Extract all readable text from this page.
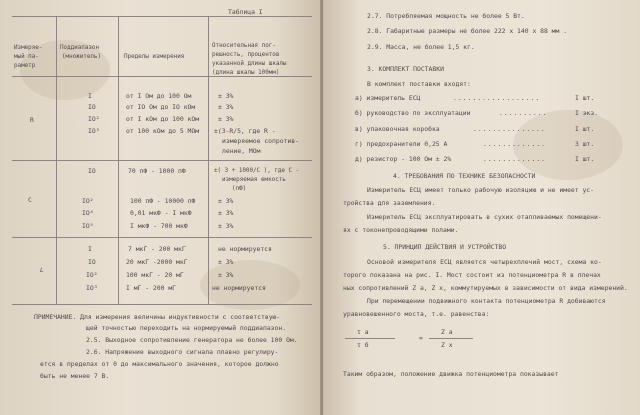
Таблица I
Измеряе-
мый па-
раметр
Поддиапазон
(множитель)	Пределы измерения
Относительная пог-
решность, процентов
указанной длины шкалы
(длина шкалы 100мм)
R
I	от I Ом до 100 Ом	± 3%
IO	от IO Ом до IO кОм	± 3%
IO²	от I кОм до 100 кОм	± 3%
IO³	от 100 кОм до 5 МОм ±(3-R/5, где R -
измеряемое сопротив-
ление, МОм
C
IO	70 пФ - 1000 пФ	±( 3 + 1000/С ), где С -
измеряемая емкость
(пФ)
IO²	100 пФ - 10000 пФ	± 3%
IO⁴	0,01 мкФ - I мкФ	± 3%
IO⁵	I мкФ - 700 мкФ	± 3%
L
I	7 мкГ - 200 мкГ	не нормируется
IO	20 мкГ -2000 мкГ	± 3%
IO²	100 мкГ - 20 мГ	± 3%
IO³	I мГ - 200 мГ	не нормируется
ПРИМЕЧАНИЕ. Для измерения величины индуктивности с соответствую-
щей точностью переходить на нормируемый поддиапазон.
2.5. Выходное сопротивление генератора не более 100 Ом.
2.6. Напряжение выходного сигнала плавно регулиру-
ется в пределах от 0 до максимального значения, которое должно
быть не менее 7 В.
2.7. Потребляемая мощность не более 5 Вт.
2.8. Габаритные размеры не более 222 х 140 х 88 мм .
2.9. Масса, не более 1,5 кг.
3. КОМПЛЕКТ ПОСТАВКИ
В комплект поставки входят:
а) измеритель ЕСЦ	..................	I шт.
б) руководство по эксплуатации	..........	I экз.
в) упаковочная коробка	...............	I шт.
г) предохранители 0,25 А	.............	3 шт.
д) резистор - 100 Ом ± 2%	.............	I шт.
4. ТРЕБОВАНИЯ ПО ТЕХНИКЕ БЕЗОПАСНОСТИ
Измеритель ЕСЦ имеет только рабочую изоляцию и не имеет ус-
тройства для заземления.
Измеритель ЕСЦ эксплуатировать в сухих отапливаемых помещени-
ях с токонепроводящими полами.
5. ПРИНЦИП ДЕЙСТВИЯ И УСТРОЙСТВО
Основой измерителя ЕСЦ является четырехплечий мост, схема ко-
торого показана на рис. I. Мост состоит из потенциометра R в плечах
ных сопротивлений Z а, Z х, коммутируемых в зависимости от вида измерений.
При перемещении подвижного контакта потенциометра R добиваются
уравновешенного моста, т.е. равенства:
τ a
τ б
=
Z a
Z x
Таким образом, положение движка потенциометра показывает
